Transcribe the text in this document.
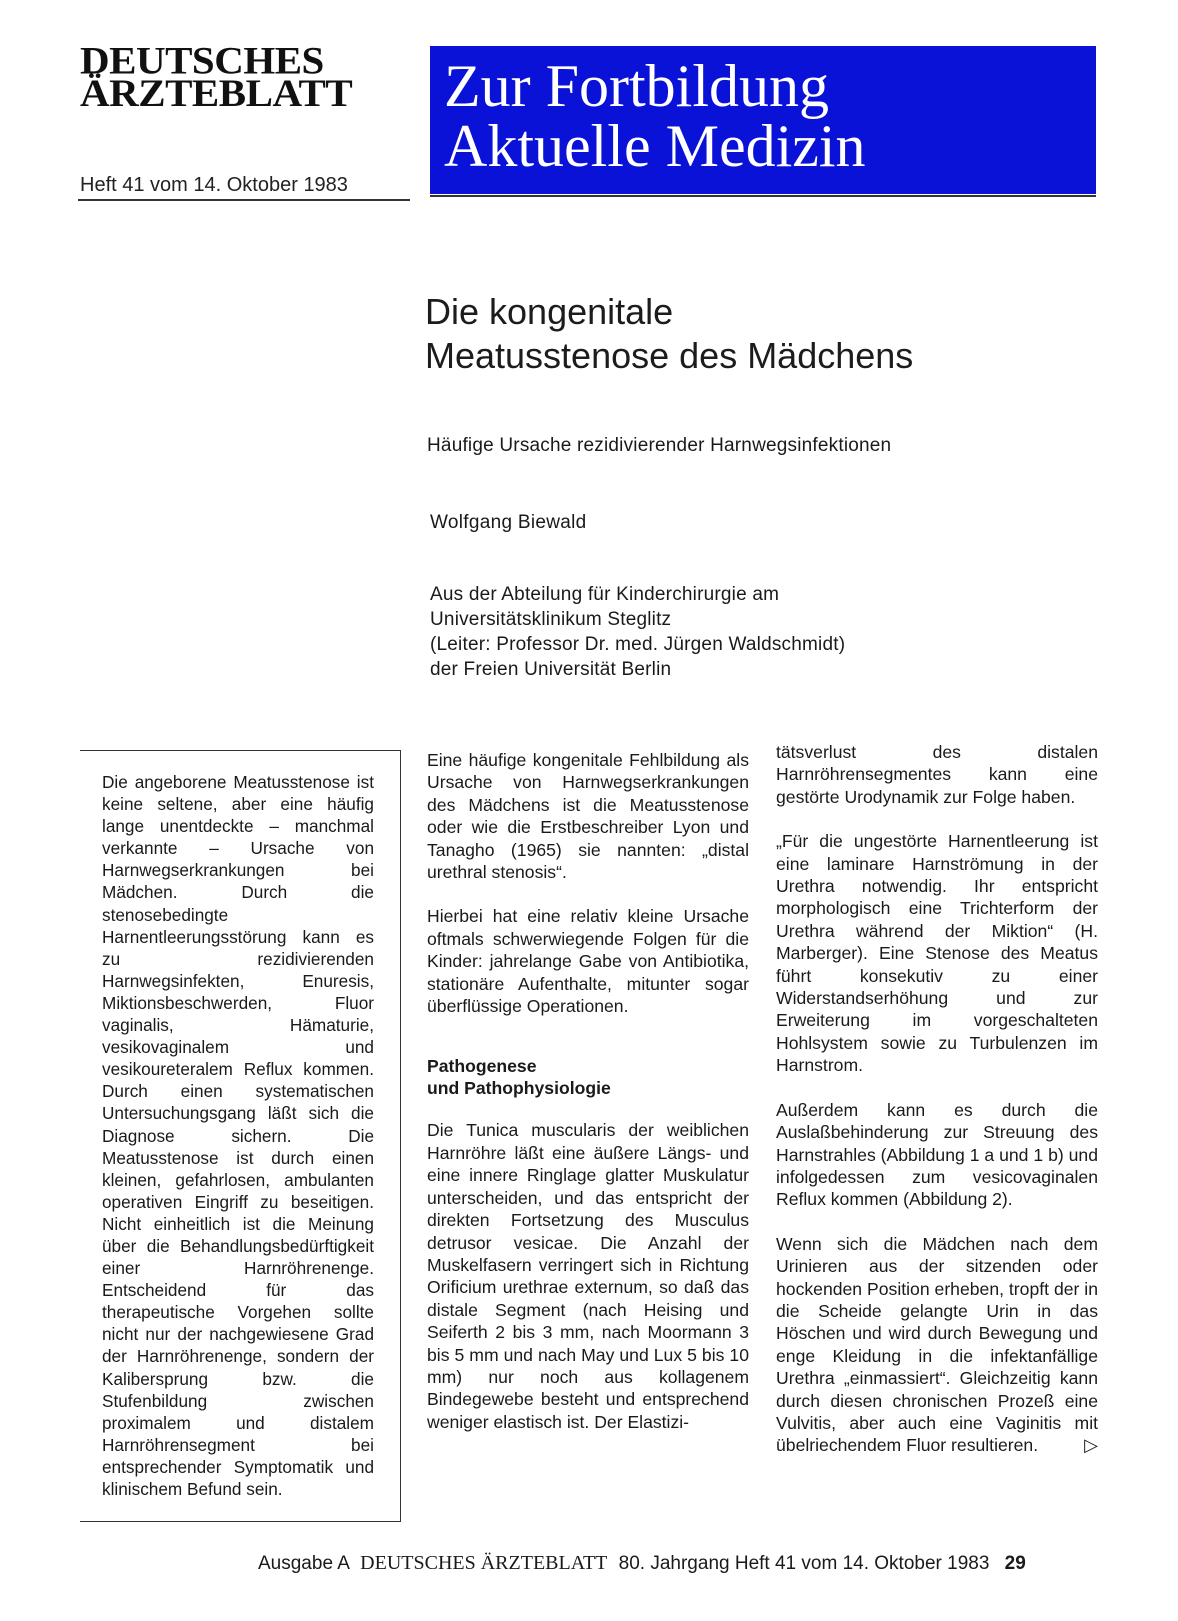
DEUTSCHES
ÄRZTEBLATT
Heft 41 vom 14. Oktober 1983
Zur Fortbildung
Aktuelle Medizin
Die kongenitale
Meatusstenose des Mädchens
Häufige Ursache rezidivierender Harnwegsinfektionen
Wolfgang Biewald
Aus der Abteilung für Kinderchirurgie am
Universitätsklinikum Steglitz
(Leiter: Professor Dr. med. Jürgen Waldschmidt)
der Freien Universität Berlin
Die angeborene Meatusstenose ist keine seltene, aber eine häufig lange unentdeckte – manchmal verkannte – Ursache von Harnwegserkrankungen bei Mädchen. Durch die stenosebedingte Harnentleerungsstörung kann es zu rezidivierenden Harnwegsinfekten, Enuresis, Miktionsbeschwerden, Fluor vaginalis, Hämaturie, vesikovaginalem und vesikoureteralem Reflux kommen. Durch einen systematischen Untersuchungsgang läßt sich die Diagnose sichern. Die Meatusstenose ist durch einen kleinen, gefahrlosen, ambulanten operativen Eingriff zu beseitigen. Nicht einheitlich ist die Meinung über die Behandlungsbedürftigkeit einer Harnröhrenenge. Entscheidend für das therapeutische Vorgehen sollte nicht nur der nachgewiesene Grad der Harnröhrenenge, sondern der Kalibersprung bzw. die Stufenbildung zwischen proximalem und distalem Harnröhrensegment bei entsprechender Symptomatik und klinischem Befund sein.

Eine häufige kongenitale Fehlbildung als Ursache von Harnwegserkrankungen des Mädchens ist die Meatusstenose oder wie die Erstbeschreiber Lyon und Tanagho (1965) sie nannten: „distal urethral stenosis“.

Hierbei hat eine relativ kleine Ursache oftmals schwerwiegende Folgen für die Kinder: jahrelange Gabe von Antibiotika, stationäre Aufenthalte, mitunter sogar überflüssige Operationen.

Pathogenese
und Pathophysiologie

Die Tunica muscularis der weiblichen Harnröhre läßt eine äußere Längs- und eine innere Ringlage glatter Muskulatur unterscheiden, und das entspricht der direkten Fortsetzung des Musculus detrusor vesicae. Die Anzahl der Muskelfasern verringert sich in Richtung Orificium urethrae externum, so daß das distale Segment (nach Heising und Seiferth 2 bis 3 mm, nach Moormann 3 bis 5 mm und nach May und Lux 5 bis 10 mm) nur noch aus kollagenem Bindegewebe besteht und entsprechend weniger elastisch ist. Der Elastizi-

tätsverlust des distalen Harnröhrensegmentes kann eine gestörte Urodynamik zur Folge haben.

„Für die ungestörte Harnentleerung ist eine laminare Harnströmung in der Urethra notwendig. Ihr entspricht morphologisch eine Trichterform der Urethra während der Miktion“ (H. Marberger). Eine Stenose des Meatus führt konsekutiv zu einer Widerstandserhöhung und zur Erweiterung im vorgeschalteten Hohlsystem sowie zu Turbulenzen im Harnstrom.

Außerdem kann es durch die Auslaßbehinderung zur Streuung des Harnstrahles (Abbildung 1 a und 1 b) und infolgedessen zum vesicovaginalen Reflux kommen (Abbildung 2).

Wenn sich die Mädchen nach dem Urinieren aus der sitzenden oder hockenden Position erheben, tropft der in die Scheide gelangte Urin in das Höschen und wird durch Bewegung und enge Kleidung in die infektanfällige Urethra „einmassiert“. Gleichzeitig kann durch diesen chronischen Prozeß eine Vulvitis, aber auch eine Vaginitis mit übelriechendem Fluor resultieren.	▷

Ausgabe A DEUTSCHES ÄRZTEBLATT 80. Jahrgang Heft 41 vom 14. Oktober 1983 29
